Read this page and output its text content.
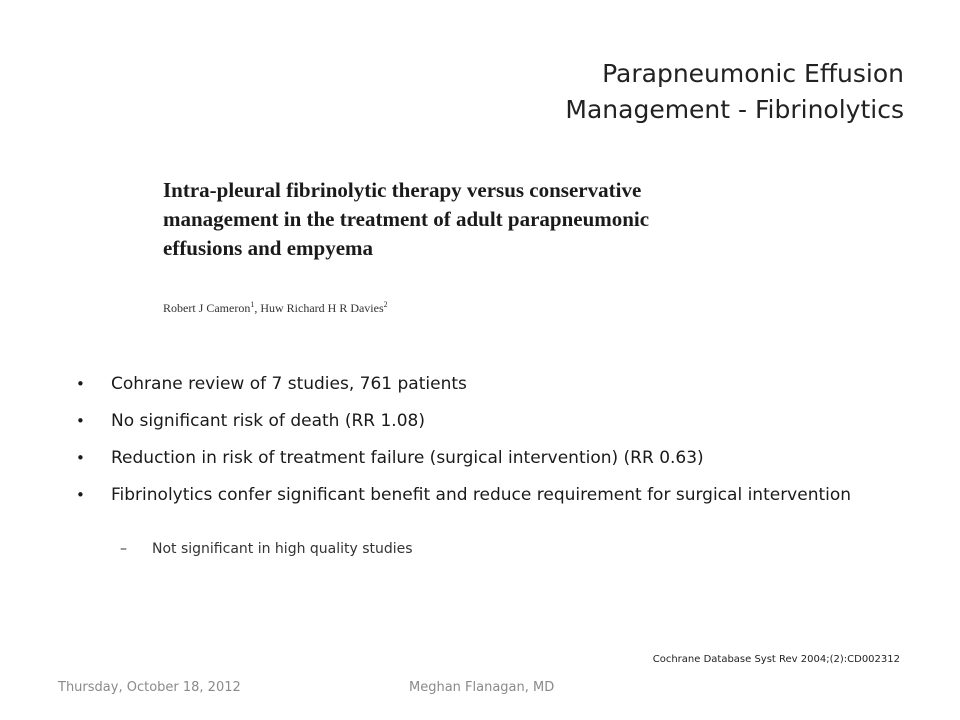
Parapneumonic Effusion
Management - Fibrinolytics
Intra-pleural fibrinolytic therapy versus conservative
management in the treatment of adult parapneumonic
effusions and empyema
Robert J Cameron$^1$, Huw Richard H R Davies$^2$
• Cohrane review of 7 studies, 761 patients
• No significant risk of death (RR 1.08)
• Reduction in risk of treatment failure (surgical intervention) (RR 0.63)
• Fibrinolytics confer significant benefit and reduce requirement for surgical intervention
– Not significant in high quality studies
Cochrane Database Syst Rev 2004;(2):CD002312
Thursday, October 18, 2012	Meghan Flanagan, MD
